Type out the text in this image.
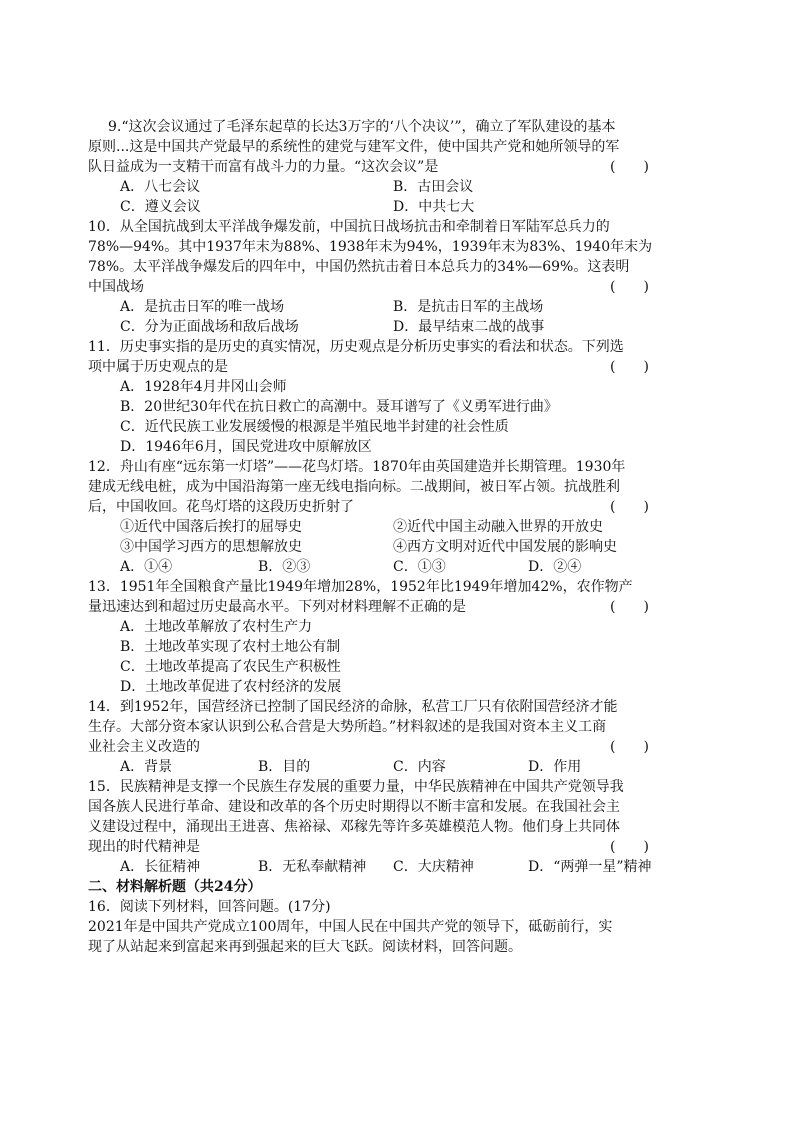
9.“这次会议通过了毛泽东起草的长达3万字的‘八个决议’”，确立了军队建设的基本
原则...这是中国共产党最早的系统性的建党与建军文件，使中国共产党和她所领导的军
队日益成为一支精干而富有战斗力的力量。“这次会议”是	(　　)
A．八七会议	B．古田会议
C．遵义会议	D．中共七大
10．从全国抗战到太平洋战争爆发前，中国抗日战场抗击和牵制着日军陆军总兵力的
78%—94%。其中1937年末为88%、1938年末为94%，1939年末为83%、1940年末为
78%。太平洋战争爆发后的四年中，中国仍然抗击着日本总兵力的34%—69%。这表明
中国战场	(　　)
A．是抗击日军的唯一战场	B．是抗击日军的主战场
C．分为正面战场和敌后战场	D．最早结束二战的战事
11．历史事实指的是历史的真实情况，历史观点是分析历史事实的看法和状态。下列选
项中属于历史观点的是	(　　)
A．1928年4月井冈山会师
B．20世纪30年代在抗日救亡的高潮中。聂耳谱写了《义勇军进行曲》
C．近代民族工业发展缓慢的根源是半殖民地半封建的社会性质
D．1946年6月，国民党进攻中原解放区
12．舟山有座“远东第一灯塔”——花鸟灯塔。1870年由英国建造并长期管理。1930年
建成无线电桩，成为中国沿海第一座无线电指向标。二战期间，被日军占领。抗战胜利
后，中国收回。花鸟灯塔的这段历史折射了	(　　)
①近代中国落后挨打的屈辱史	②近代中国主动融入世界的开放史
③中国学习西方的思想解放史	④西方文明对近代中国发展的影响史
A．①④	B．②③	C．①③	D．②④
13．1951年全国粮食产量比1949年增加28%，1952年比1949年增加42%，农作物产
量迅速达到和超过历史最高水平。下列对材料理解不正确的是	(　　)
A．土地改革解放了农村生产力
B．土地改革实现了农村土地公有制
C．土地改革提高了农民生产积极性
D．土地改革促进了农村经济的发展
14．到1952年，国营经济已控制了国民经济的命脉，私营工厂只有依附国营经济才能
生存。大部分资本家认识到公私合营是大势所趋。”材料叙述的是我国对资本主义工商
业社会主义改造的	(　　)
A．背景	B．目的	C．内容	D．作用
15．民族精神是支撑一个民族生存发展的重要力量，中华民族精神在中国共产党领导我
国各族人民进行革命、建设和改革的各个历史时期得以不断丰富和发展。在我国社会主
义建设过程中，涌现出王进喜、焦裕禄、邓稼先等许多英雄模范人物。他们身上共同体
现出的时代精神是	(　　)
A．长征精神	B．无私奉献精神 C．大庆精神	D．“两弹一星”精神
二、材料解析题（共24分）
16．阅读下列材料，回答问题。(17分)
2021年是中国共产党成立100周年，中国人民在中国共产党的领导下，砥砺前行，实
现了从站起来到富起来再到强起来的巨大飞跃。阅读材料，回答问题。
